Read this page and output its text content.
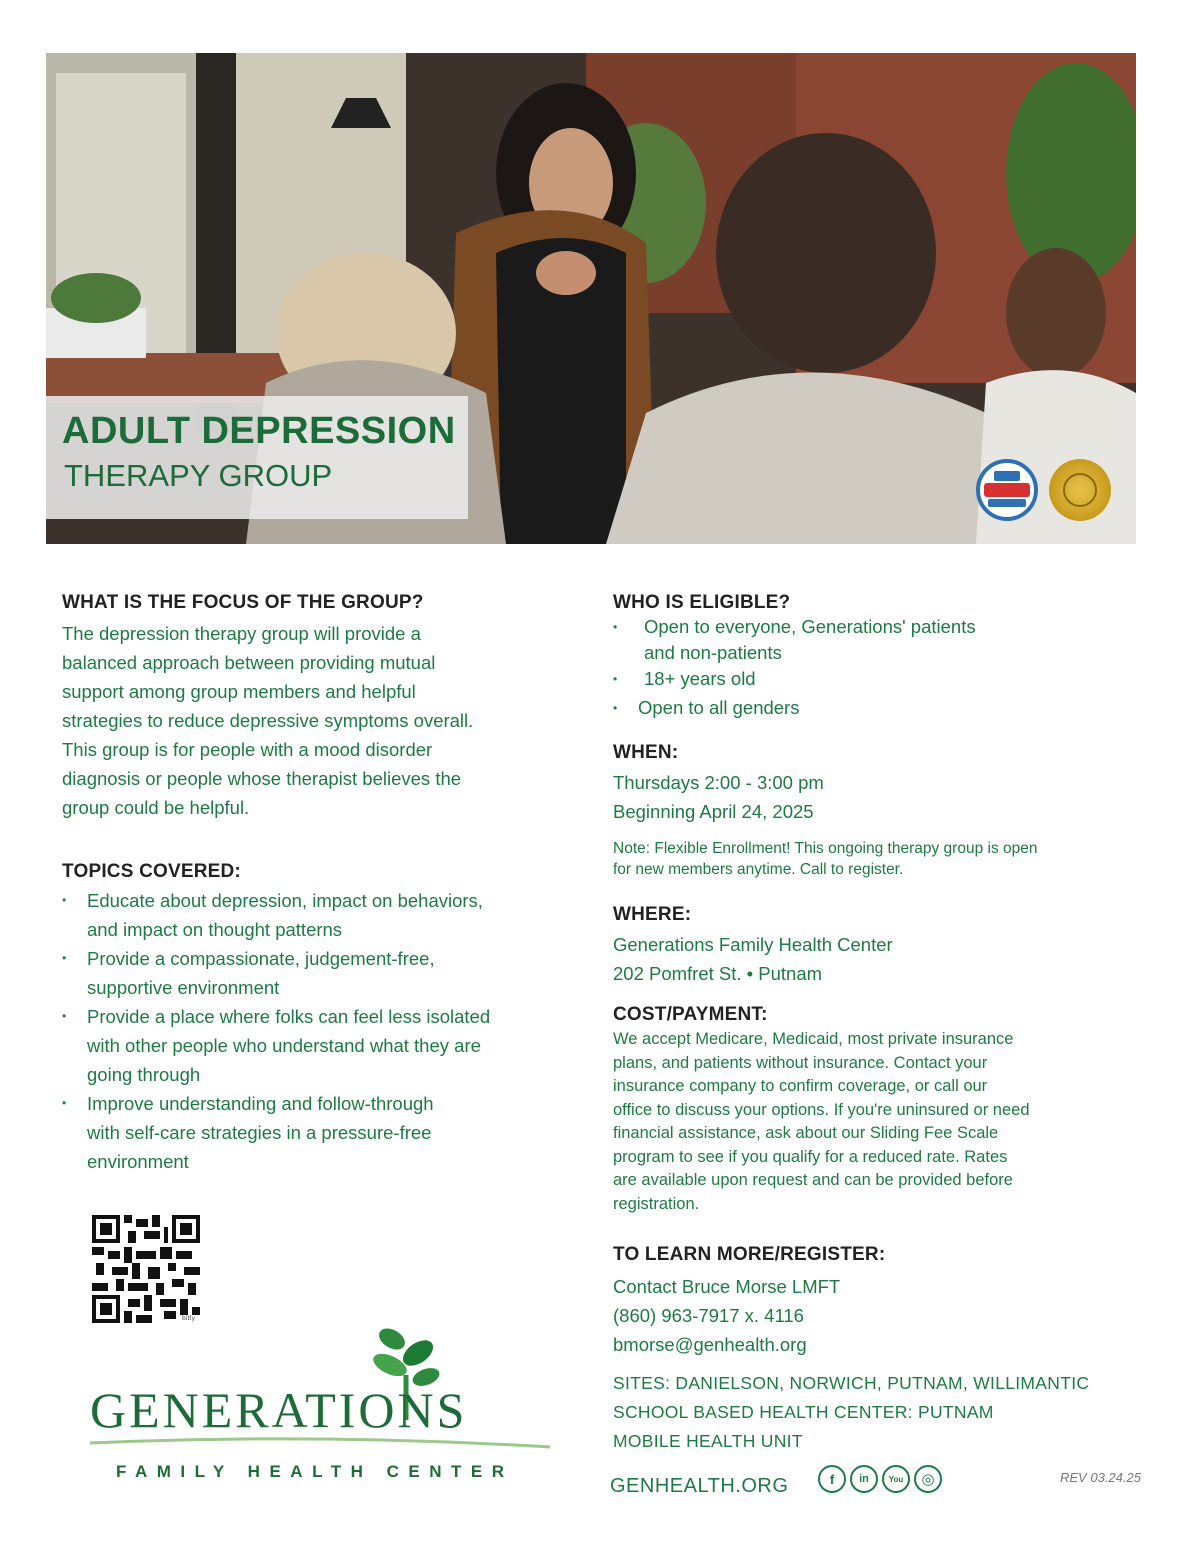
ADULT DEPRESSION
THERAPY GROUP
WHAT IS THE FOCUS OF THE GROUP?
The depression therapy group will provide a
balanced approach between providing mutual
support among group members and helpful
strategies to reduce depressive symptoms overall.
This group is for people with a mood disorder
diagnosis or people whose therapist believes the
group could be helpful.
TOPICS COVERED:
• Educate about depression, impact on behaviors,
and impact on thought patterns
• Provide a compassionate, judgement-free,
supportive environment
• Provide a place where folks can feel less isolated
with other people who understand what they are
going through
• Improve understanding and follow-through
with self-care strategies in a pressure-free
environment
bitly
GENERATIONS
FAMILY HEALTH CENTER
WHO IS ELIGIBLE?
• Open to everyone, Generations' patients
and non-patients
• 18+ years old
• Open to all genders
WHEN:
Thursdays 2:00 - 3:00 pm
Beginning April 24, 2025
Note: Flexible Enrollment! This ongoing therapy group is open
for new members anytime. Call to register.
WHERE:
Generations Family Health Center
202 Pomfret St. • Putnam
COST/PAYMENT:
We accept Medicare, Medicaid, most private insurance
plans, and patients without insurance. Contact your
insurance company to confirm coverage, or call our
office to discuss your options. If you're uninsured or need
financial assistance, ask about our Sliding Fee Scale
program to see if you qualify for a reduced rate. Rates
are available upon request and can be provided before
registration.
TO LEARN MORE/REGISTER:
Contact Bruce Morse LMFT
(860) 963-7917 x. 4116
bmorse@genhealth.org
SITES: DANIELSON, NORWICH, PUTNAM, WILLIMANTIC
SCHOOL BASED HEALTH CENTER: PUTNAM
MOBILE HEALTH UNIT
GENHEALTH.ORG	f	in	You	◎	REV 03.24.25
